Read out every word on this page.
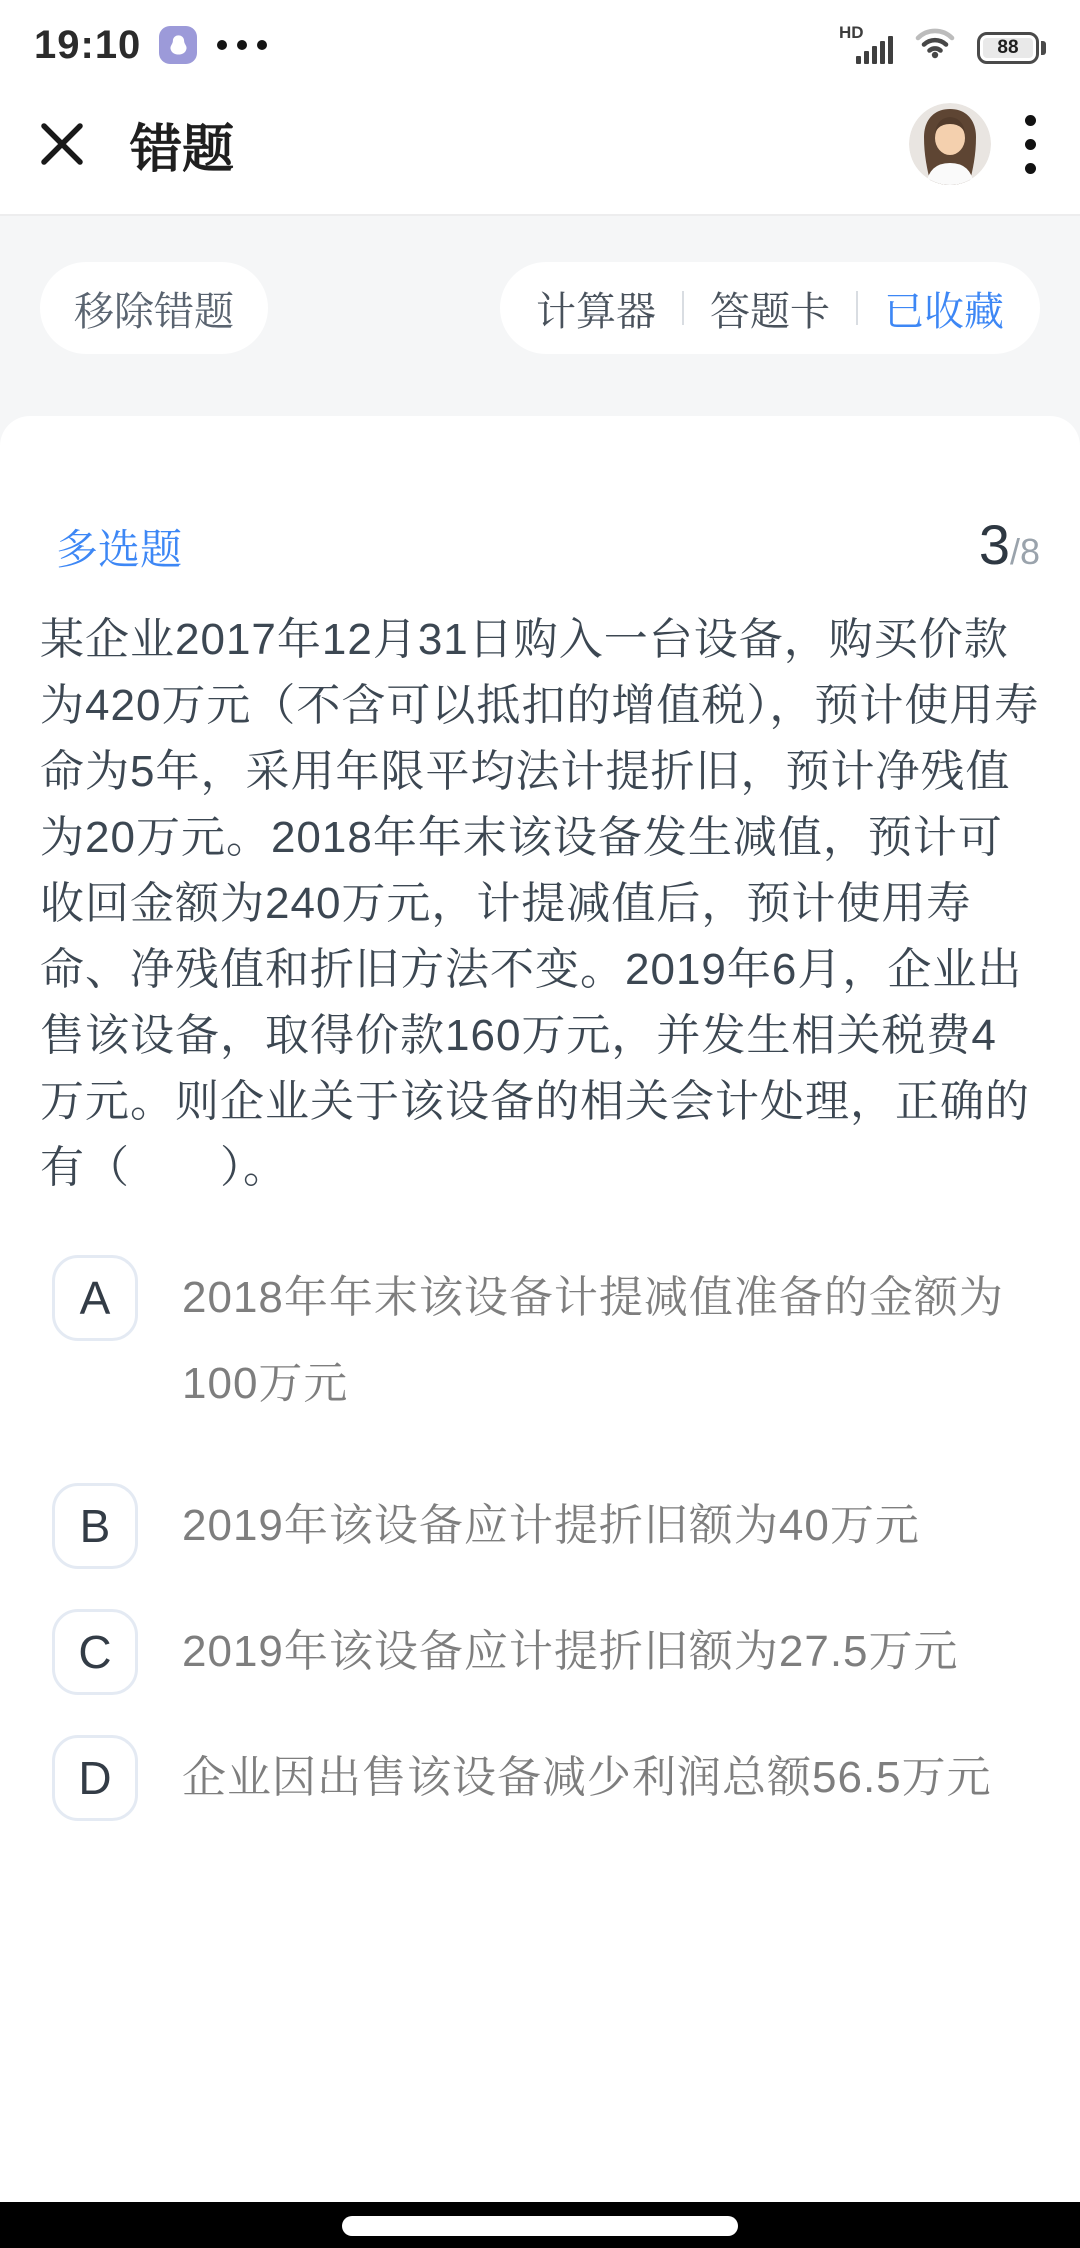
19:10	HD
88
错题
移除错题	计算器 答题卡 已收藏
多选题	3/8
某企业2017年12月31日购入一台设备，购买价款为420万元（不含可以抵扣的增值税），预计使用寿命为5年，采用年限平均法计提折旧，预计净残值为20万元。2018年年末该设备发生减值，预计可收回金额为240万元，计提减值后，预计使用寿命、净残值和折旧方法不变。2019年6月，企业出售该设备，取得价款160万元，并发生相关税费4万元。则企业关于该设备的相关会计处理，正确的有（　　）。
A	2018年年末该设备计提减值准备的金额为100万元
B	2019年该设备应计提折旧额为40万元
C	2019年该设备应计提折旧额为27.5万元
D	企业因出售该设备减少利润总额56.5万元
